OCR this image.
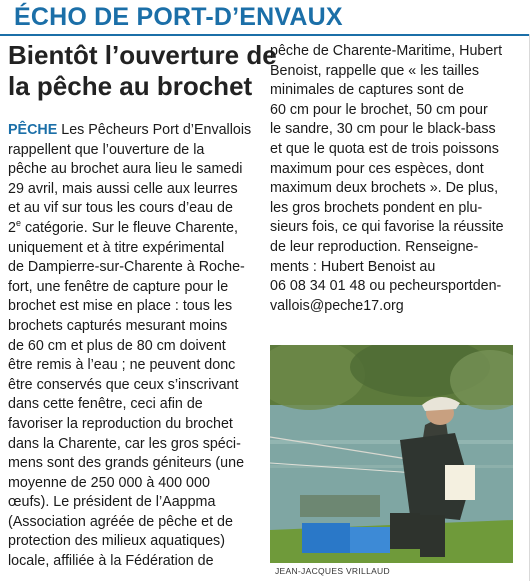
ÉCHO DE PORT-D’ENVAUX
Bientôt l’ouverture de
la pêche au brochet
PÊCHE Les Pêcheurs Port d’Envallois
rappellent que l’ouverture de la
pêche au brochet aura lieu le samedi
29 avril, mais aussi celle aux leurres
et au vif sur tous les cours d’eau de
2e catégorie. Sur le fleuve Charente,
uniquement et à titre expérimental
de Dampierre-sur-Charente à Roche-
fort, une fenêtre de capture pour le
brochet est mise en place : tous les
brochets capturés mesurant moins
de 60 cm et plus de 80 cm doivent
être remis à l’eau ; ne peuvent donc
être conservés que ceux s’inscrivant
dans cette fenêtre, ceci afin de
favoriser la reproduction du brochet
dans la Charente, car les gros spéci-
mens sont des grands géniteurs (une
moyenne de 250 000 à 400 000
œufs). Le président de l’Aappma
(Association agréée de pêche et de
protection des milieux aquatiques)
locale, affiliée à la Fédération de
pêche de Charente-Maritime, Hubert
Benoist, rappelle que « les tailles
minimales de captures sont de
60 cm pour le brochet, 50 cm pour
le sandre, 30 cm pour le black-bass
et que le quota est de trois poissons
maximum pour ces espèces, dont
maximum deux brochets ». De plus,
les gros brochets pondent en plu-
sieurs fois, ce qui favorise la réussite
de leur reproduction. Renseigne-
ments : Hubert Benoist au
06 08 34 01 48 ou pecheursportden-
vallois@peche17.org
JEAN-JACQUES VRILLAUD
